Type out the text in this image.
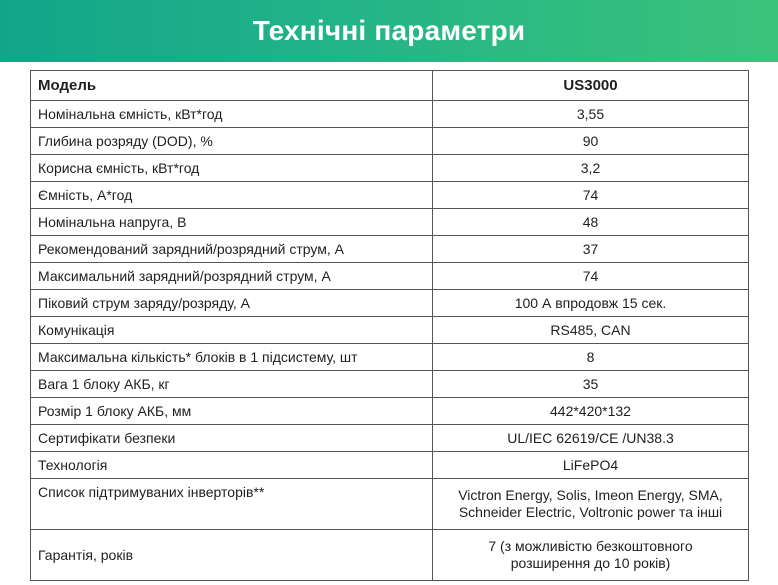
Технічні параметри
Модель	US3000
Номінальна ємність, кВт*год	3,55
Глибина розряду (DOD), %	90
Корисна ємність, кВт*год	3,2
Ємність, А*год	74
Номінальна напруга, В	48
Рекомендований зарядний/розрядний струм, А	37
Максимальний зарядний/розрядний струм, А	74
Піковий струм заряду/розряду, А	100 А впродовж 15 сек.
Комунікація	RS485, CAN
Максимальна кількість* блоків в 1 підсистему, шт	8
Вага 1 блоку АКБ, кг	35
Розмір 1 блоку АКБ, мм	442*420*132
Сертифікати безпеки	UL/IEC 62619/CE /UN38.3
Технологія	LiFePO4
Список підтримуваних інверторів**	Victron Energy, Solis, Imeon Energy, SMA,
Schneider Electric, Voltronic power та інші

Гарантія, років	7 (з можливістю безкоштовного
розширення до 10 років)
